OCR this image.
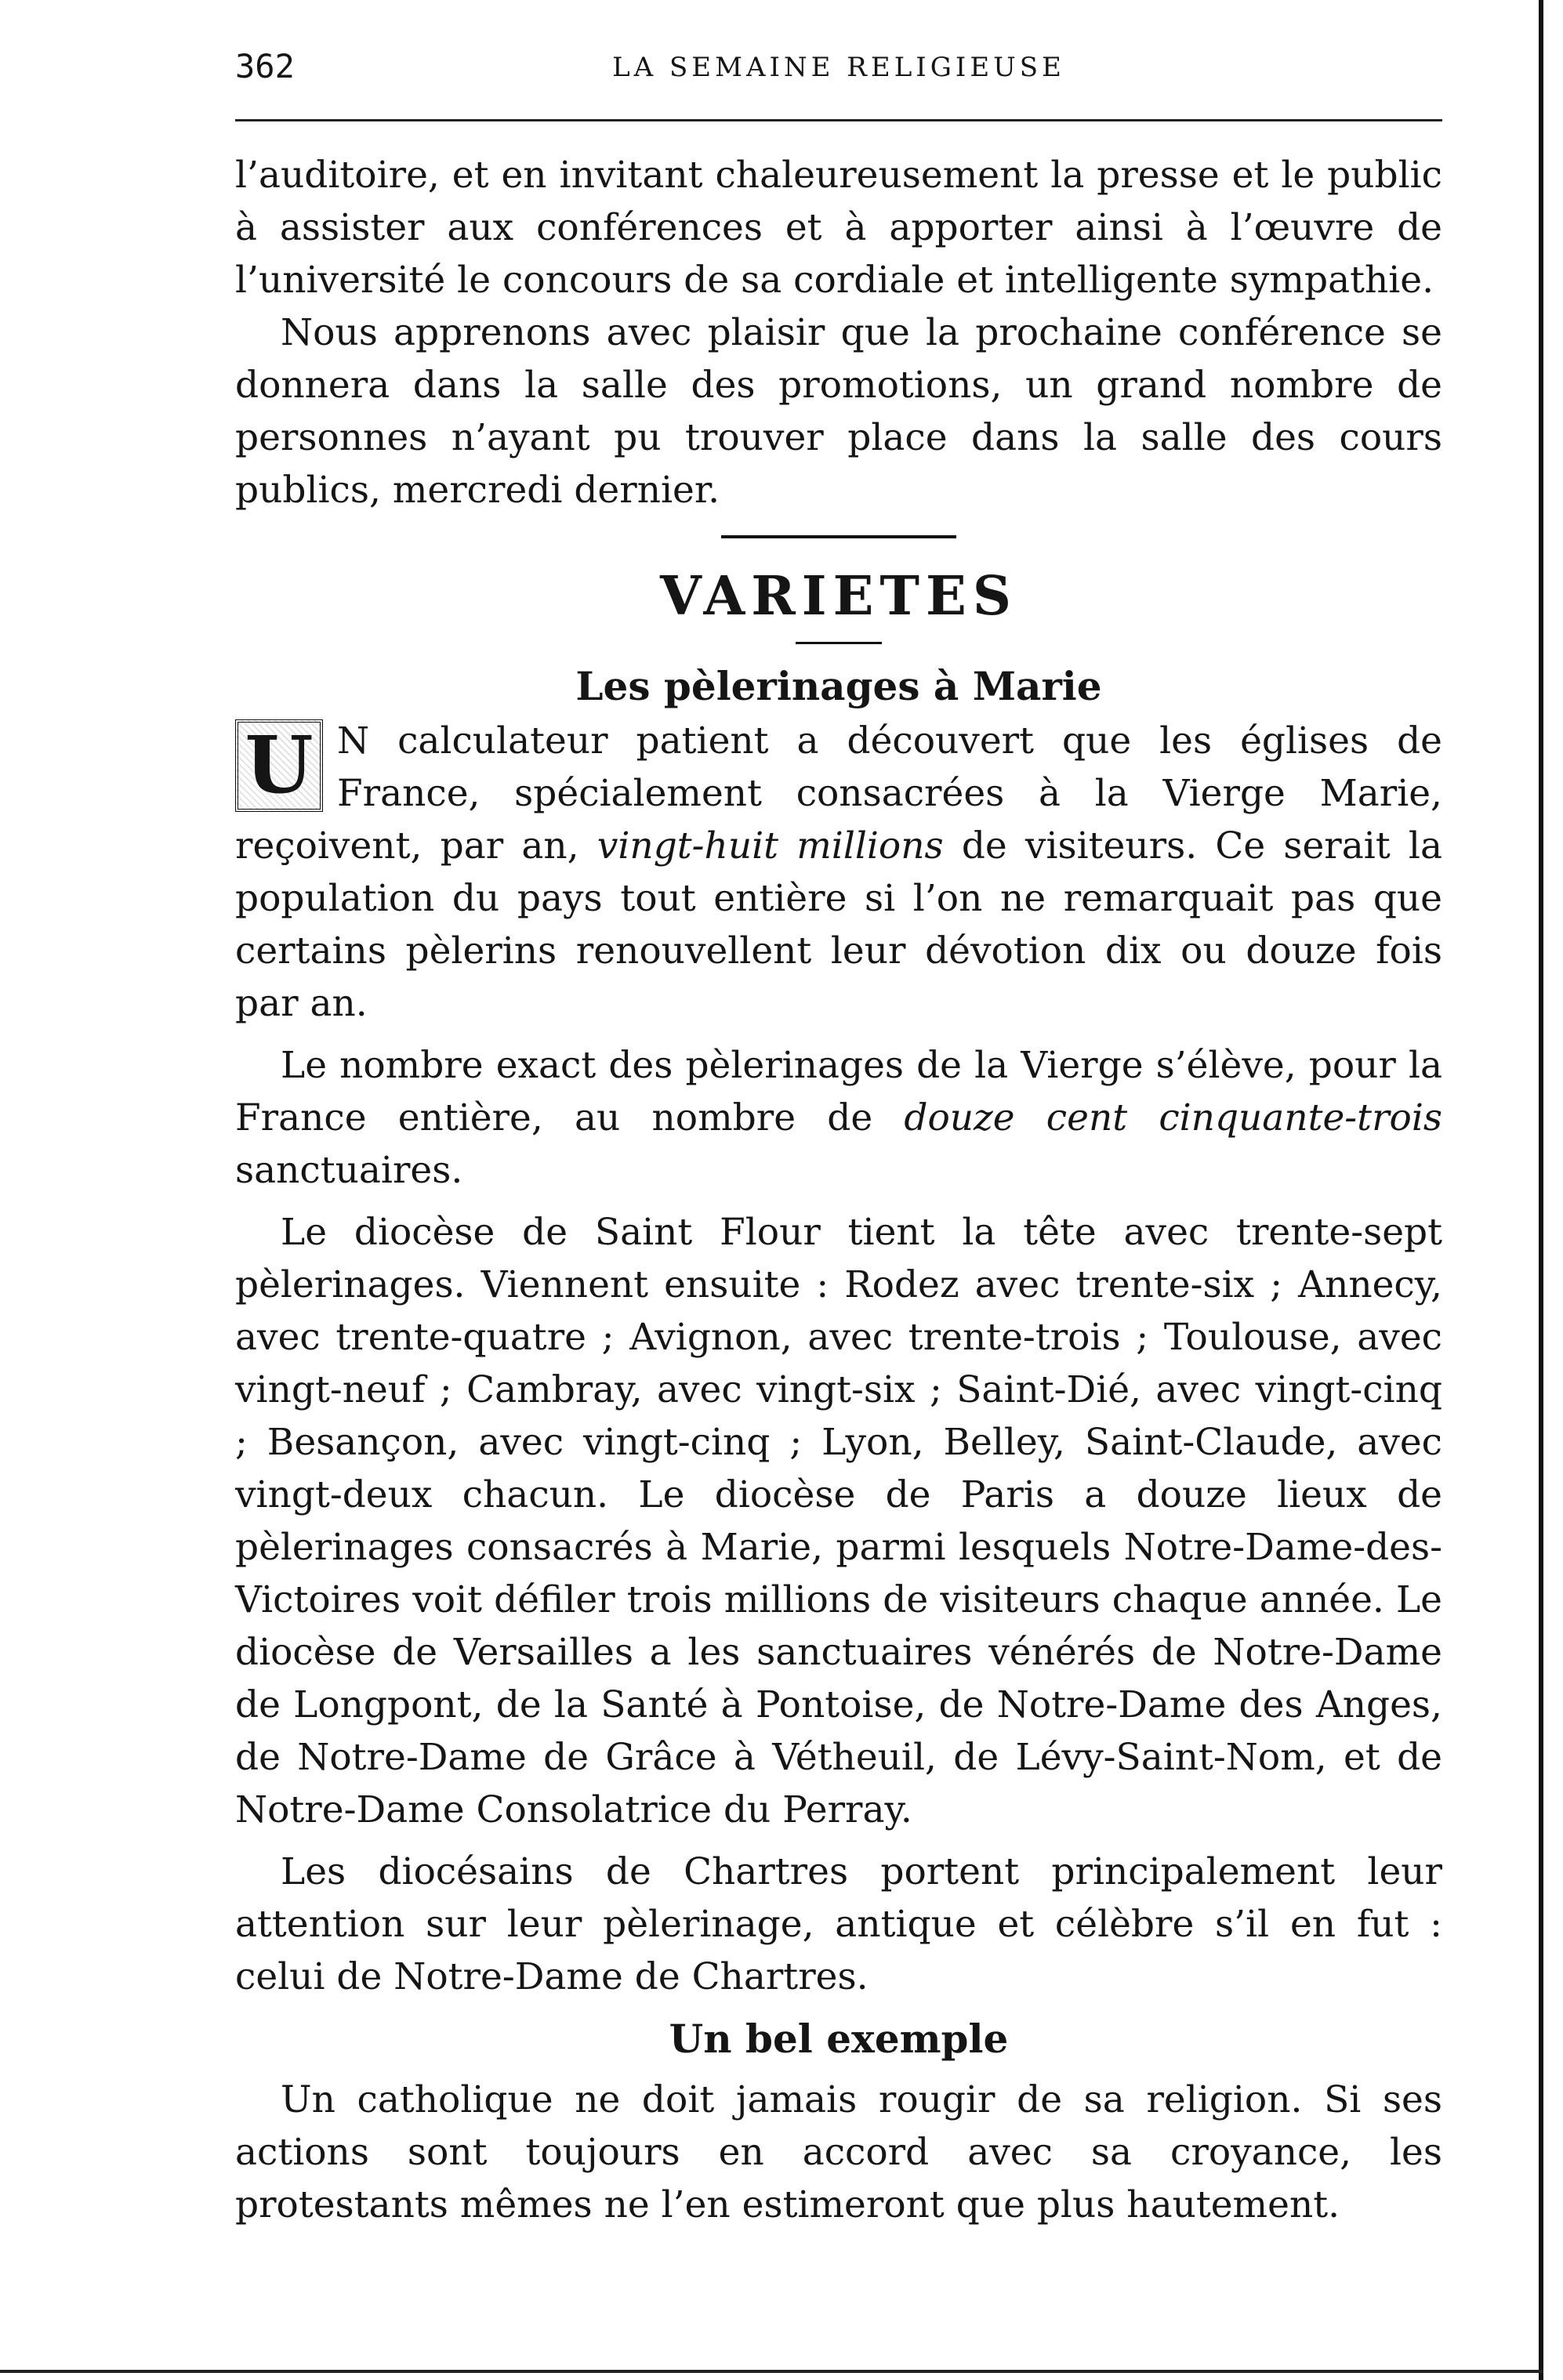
362	LA SEMAINE RELIGIEUSE

l’auditoire, et en invitant chaleureusement la presse et le public à assister aux conférences et à apporter ainsi à l’œuvre de l’université le concours de sa cordiale et intelligente sympathie.

Nous apprenons avec plaisir que la prochaine conférence se donnera dans la salle des promotions, un grand nombre de personnes n’ayant pu trouver place dans la salle des cours publics, mercredi dernier.

VARIETES
Les pèlerinages à Marie

U N calculateur patient a découvert que les églises de France, spécialement consacrées à la Vierge Marie, reçoivent, par an, vingt-huit millions de visiteurs. Ce serait la population du pays tout entière si l’on ne remarquait pas que certains pèlerins renouvellent leur dévotion dix ou douze fois par an.

Le nombre exact des pèlerinages de la Vierge s’élève, pour la France entière, au nombre de douze cent cinquante-trois sanctuaires.

Le diocèse de Saint Flour tient la tête avec trente-sept pèlerinages. Viennent ensuite : Rodez avec trente-six ; Annecy, avec trente-quatre ; Avignon, avec trente-trois ; Toulouse, avec vingt-neuf ; Cambray, avec vingt-six ; Saint-Dié, avec vingt-cinq ; Besançon, avec vingt-cinq ; Lyon, Belley, Saint-Claude, avec vingt-deux chacun. Le diocèse de Paris a douze lieux de pèlerinages consacrés à Marie, parmi lesquels Notre-Dame-des-Victoires voit défiler trois millions de visiteurs chaque année. Le diocèse de Versailles a les sanctuaires vénérés de Notre-Dame de Longpont, de la Santé à Pontoise, de Notre-Dame des Anges, de Notre-Dame de Grâce à Vétheuil, de Lévy-Saint-Nom, et de Notre-Dame Consolatrice du Perray.

Les diocésains de Chartres portent principalement leur attention sur leur pèlerinage, antique et célèbre s’il en fut : celui de Notre-Dame de Chartres.

Un bel exemple

Un catholique ne doit jamais rougir de sa religion. Si ses actions sont toujours en accord avec sa croyance, les protestants mêmes ne l’en estimeront que plus hautement.
